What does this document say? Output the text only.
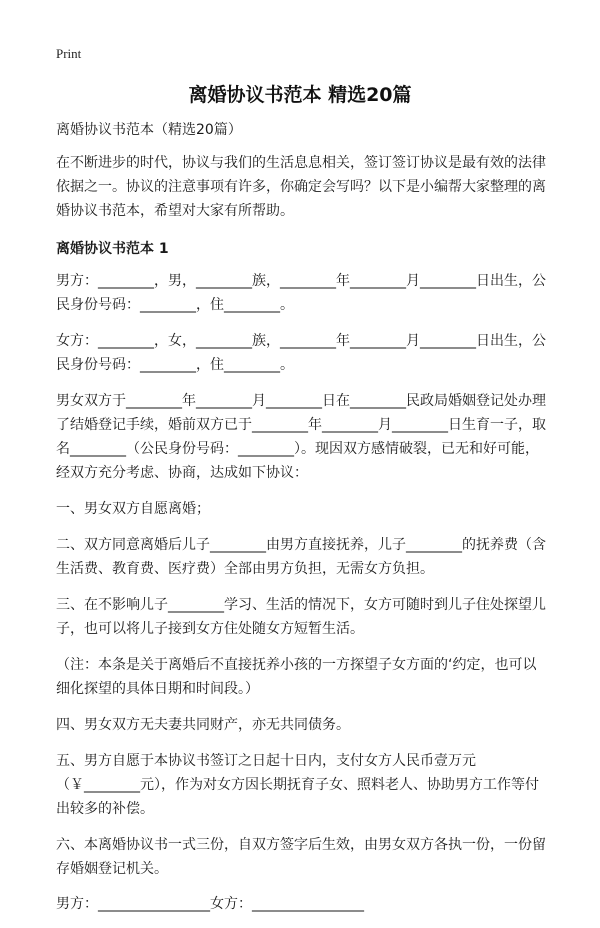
Print
离婚协议书范本 精选20篇

离婚协议书范本（精选20篇）

在不断进步的时代，协议与我们的生活息息相关，签订签订协议是最有效的法律依据之一。协议的注意事项有许多，你确定会写吗？以下是小编帮大家整理的离婚协议书范本，希望对大家有所帮助。

离婚协议书范本 1

男方：________，男，________族，________年________月________日出生，公民身份号码：________，住________。

女方：________，女，________族，________年________月________日出生，公民身份号码：________，住________。

男女双方于________年________月________日在________民政局婚姻登记处办理了结婚登记手续，婚前双方已于________年________月________日生育一子，取名________（公民身份号码：________）。现因双方感情破裂，已无和好可能，经双方充分考虑、协商，达成如下协议：

一、男女双方自愿离婚；

二、双方同意离婚后儿子________由男方直接抚养，儿子________的抚养费（含生活费、教育费、医疗费）全部由男方负担，无需女方负担。

三、在不影响儿子________学习、生活的情况下，女方可随时到儿子住处探望儿子，也可以将儿子接到女方住处随女方短暂生活。

（注：本条是关于离婚后不直接抚养小孩的一方探望子女方面的‘约定，也可以细化探望的具体日期和时间段。）

四、男女双方无夫妻共同财产，亦无共同债务。

五、男方自愿于本协议书签订之日起十日内，支付女方人民币壹万元（￥________元），作为对女方因长期抚育子女、照料老人、协助男方工作等付出较多的补偿。

六、本离婚协议书一式三份，自双方签字后生效，由男女双方各执一份，一份留存婚姻登记机关。

男方：________________女方：________________
